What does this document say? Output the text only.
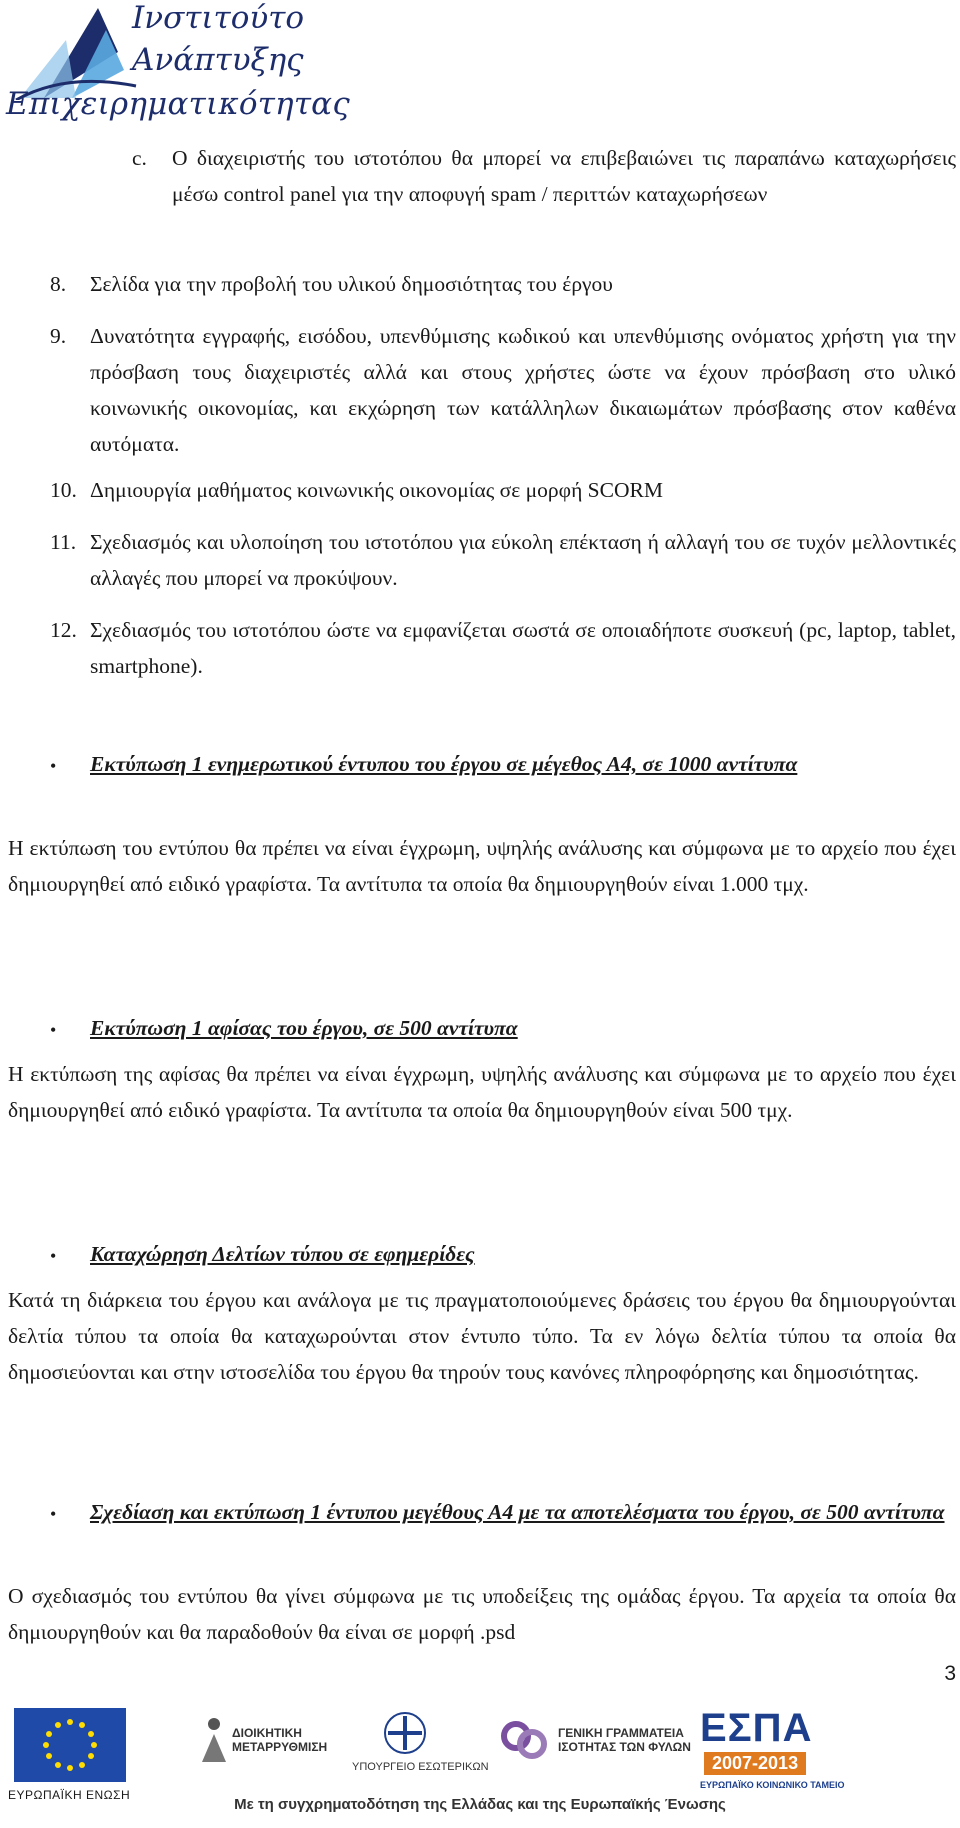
Ινστιτούτο
Ανάπτυξης
Επιχειρηματικότητας
c. Ο διαχειριστής του ιστοτόπου θα μπορεί να επιβεβαιώνει τις παραπάνω καταχωρήσεις μέσω control panel για την αποφυγή spam / περιττών καταχωρήσεων
8. Σελίδα για την προβολή του υλικού δημοσιότητας του έργου
9. Δυνατότητα εγγραφής, εισόδου, υπενθύμισης κωδικού και υπενθύμισης ονόματος χρήστη για την πρόσβαση τους διαχειριστές αλλά και στους χρήστες ώστε να έχουν πρόσβαση στο υλικό κοινωνικής οικονομίας, και εκχώρηση των κατάλληλων δικαιωμάτων πρόσβασης στον καθένα αυτόματα.
10. Δημιουργία μαθήματος κοινωνικής οικονομίας σε μορφή SCORM
11. Σχεδιασμός και υλοποίηση του ιστοτόπου για εύκολη επέκταση ή αλλαγή του σε τυχόν μελλοντικές αλλαγές που μπορεί να προκύψουν.
12. Σχεδιασμός του ιστοτόπου ώστε να εμφανίζεται σωστά σε οποιαδήποτε συσκευή (pc, laptop, tablet, smartphone).
• Εκτύπωση 1 ενημερωτικού έντυπου του έργου σε μέγεθος Α4, σε 1000 αντίτυπα
Η εκτύπωση του εντύπου θα πρέπει να είναι έγχρωμη, υψηλής ανάλυσης και σύμφωνα με το αρχείο που έχει δημιουργηθεί από ειδικό γραφίστα. Τα αντίτυπα τα οποία θα δημιουργηθούν είναι 1.000 τμχ.
• Εκτύπωση 1 αφίσας του έργου, σε 500 αντίτυπα
Η εκτύπωση της αφίσας θα πρέπει να είναι έγχρωμη, υψηλής ανάλυσης και σύμφωνα με το αρχείο που έχει δημιουργηθεί από ειδικό γραφίστα. Τα αντίτυπα τα οποία θα δημιουργηθούν είναι 500 τμχ.
• Καταχώρηση Δελτίων τύπου σε εφημερίδες
Κατά τη διάρκεια του έργου και ανάλογα με τις πραγματοποιούμενες δράσεις του έργου θα δημιουργούνται δελτία τύπου τα οποία θα καταχωρούνται στον έντυπο τύπο. Τα εν λόγω δελτία τύπου τα οποία θα δημοσιεύονται και στην ιστοσελίδα του έργου θα τηρούν τους κανόνες πληροφόρησης και δημοσιότητας.
• Σχεδίαση και εκτύπωση 1 έντυπου μεγέθους Α4 με τα αποτελέσματα του έργου, σε 500 αντίτυπα
Ο σχεδιασμός του εντύπου θα γίνει σύμφωνα με τις υποδείξεις της ομάδας έργου. Τα αρχεία τα οποία θα δημιουργηθούν και θα παραδοθούν θα είναι σε μορφή .psd
3
ΕΥΡΩΠΑΪΚΗ ΕΝΩΣΗ
ΔΙΟΙΚΗΤΙΚΗ
ΜΕΤΑΡΡΥΘΜΙΣΗ
ΥΠΟΥΡΓΕΙΟ ΕΣΩΤΕΡΙΚΩΝ
ΓΕΝΙΚΗ ΓΡΑΜΜΑΤΕΙΑ
ΙΣΟΤΗΤΑΣ ΤΩΝ ΦΥΛΩΝ ΕΣΠΑ
2007-2013
ΕΥΡΩΠΑΪΚΟ ΚΟΙΝΩΝΙΚΟ ΤΑΜΕΙΟ
Με τη συγχρηματοδότηση της Ελλάδας και της Ευρωπαϊκής Ένωσης
